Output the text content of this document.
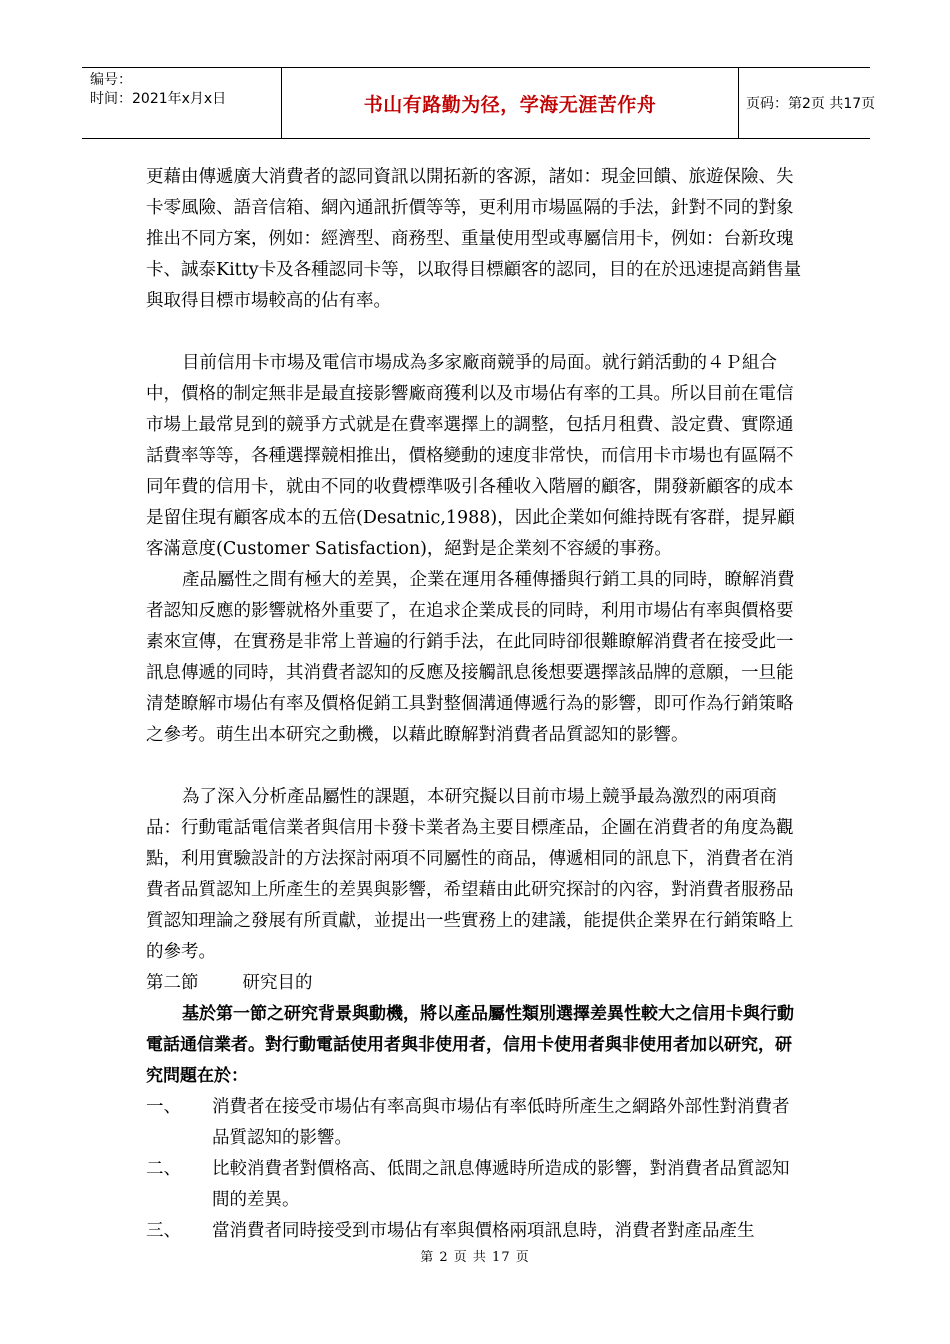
编号：
时间：2021年x月x日	书山有路勤为径，学海无涯苦作舟	页码：第2页 共17页

更藉由傳遞廣大消費者的認同資訊以開拓新的客源，諸如：現金回饋、旅遊保險、失卡零風險、語音信箱、網內通訊折價等等，更利用市場區隔的手法，針對不同的對象推出不同方案，例如：經濟型、商務型、重量使用型或專屬信用卡，例如：台新玫瑰卡、誠泰Kitty卡及各種認同卡等，以取得目標顧客的認同，目的在於迅速提高銷售量與取得目標市場較高的佔有率。

目前信用卡市場及電信市場成為多家廠商競爭的局面。就行銷活動的４Ｐ組合中，價格的制定無非是最直接影響廠商獲利以及市場佔有率的工具。所以目前在電信市場上最常見到的競爭方式就是在費率選擇上的調整，包括月租費、設定費、實際通話費率等等，各種選擇競相推出，價格變動的速度非常快，而信用卡市場也有區隔不同年費的信用卡，就由不同的收費標準吸引各種收入階層的顧客，開發新顧客的成本是留住現有顧客成本的五倍(Desatnic,1988)，因此企業如何維持既有客群，提昇顧客滿意度(Customer Satisfaction)，絕對是企業刻不容緩的事務。

產品屬性之間有極大的差異，企業在運用各種傳播與行銷工具的同時，瞭解消費者認知反應的影響就格外重要了，在追求企業成長的同時，利用市場佔有率與價格要素來宣傳，在實務是非常上普遍的行銷手法，在此同時卻很難瞭解消費者在接受此一訊息傳遞的同時，其消費者認知的反應及接觸訊息後想要選擇該品牌的意願，一旦能清楚瞭解市場佔有率及價格促銷工具對整個溝通傳遞行為的影響，即可作為行銷策略之參考。萌生出本研究之動機，以藉此瞭解對消費者品質認知的影響。

為了深入分析產品屬性的課題，本研究擬以目前市場上競爭最為激烈的兩項商品：行動電話電信業者與信用卡發卡業者為主要目標產品，企圖在消費者的角度為觀點，利用實驗設計的方法探討兩項不同屬性的商品，傳遞相同的訊息下，消費者在消費者品質認知上所產生的差異與影響，希望藉由此研究探討的內容，對消費者服務品質認知理論之發展有所貢獻，並提出一些實務上的建議，能提供企業界在行銷策略上的參考。

第二節	研究目的

基於第一節之研究背景與動機，將以產品屬性類別選擇差異性較大之信用卡與行動電話通信業者。對行動電話使用者與非使用者，信用卡使用者與非使用者加以研究，研究問題在於：

一、	消費者在接受市場佔有率高與市場佔有率低時所產生之網路外部性對消費者品質認知的影響。
二、	比較消費者對價格高、低間之訊息傳遞時所造成的影響，對消費者品質認知間的差異。
三、	當消費者同時接受到市場佔有率與價格兩項訊息時，消費者對產品產生
第 2 页 共 17 页
